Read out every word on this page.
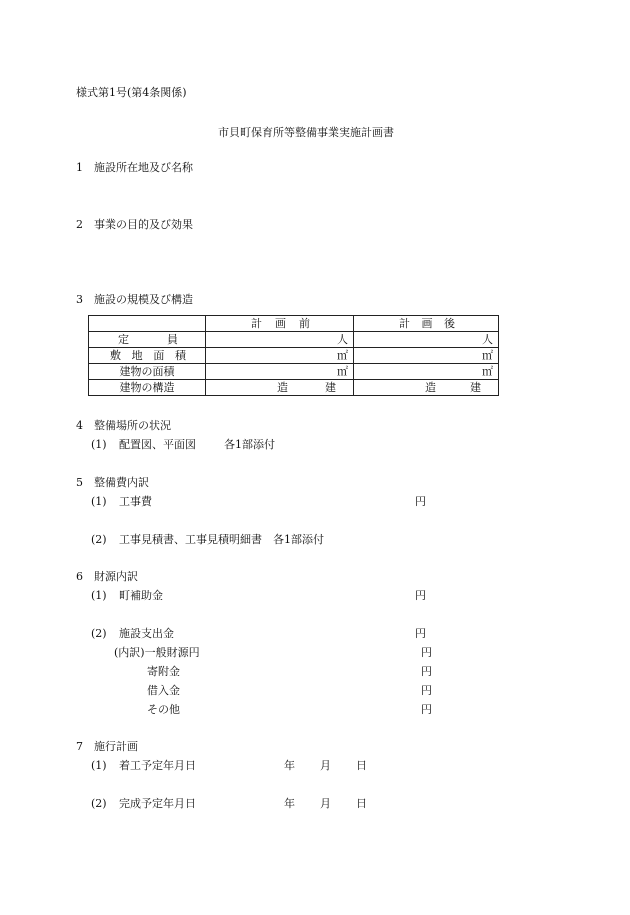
様式第1号(第4条関係)
市貝町保育所等整備事業実施計画書
1　施設所在地及び名称
2　事業の目的及び効果
3　施設の規模及び構造

	計 画 前	計 画 後

定 員	人	人

敷 地 面 積	㎡	㎡
建物の面積	㎡	㎡
建物の構造	造 建	造 建
4　整備場所の状況
(1) 配置図、平面図	各1部添付
5　整備費内訳
(1) 工事費	円
(2) 工事見積書、工事見積明細書　各1部添付
6　財源内訳
(1) 町補助金	円
(2) 施設支出金	円
(内訳)一般財源円	円
寄附金	円
借入金	円
その他	円
7　施行計画
(1) 着工予定年月日	年 月 日
(2) 完成予定年月日	年 月 日
